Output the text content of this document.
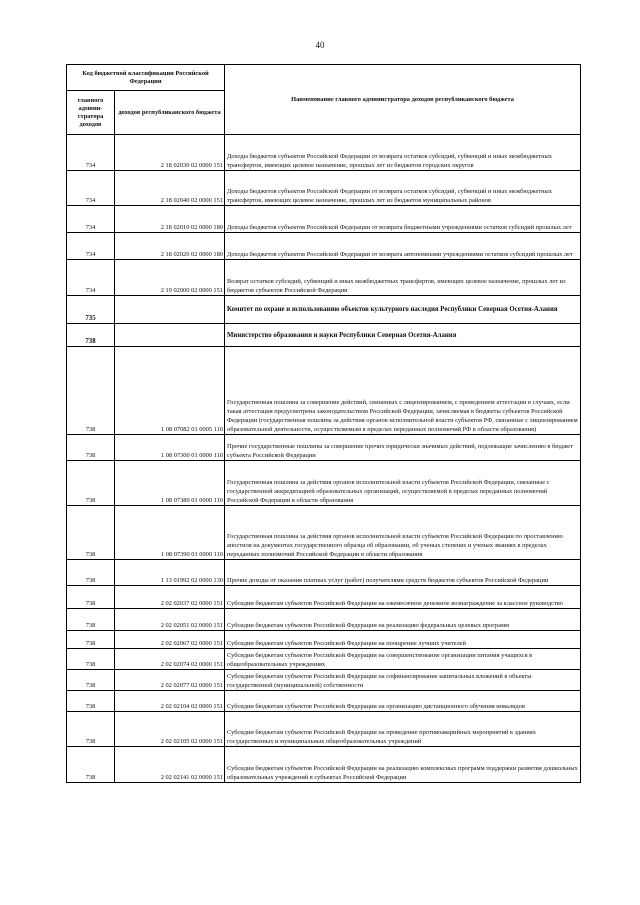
40
Код бюджетной классификации Российской Федерации		Наименование главного администратора доходов республиканского бюджета
главного админи-стратора доходов	доходов республиканского бюджета	
734	2 18 02030 02 0000 151	Доходы бюджетов субъектов Российской Федерации от возврата остатков субсидий, субвенций и иных межбюджетных трансфертов, имеющих целевое назначение, прошлых лет из бюджетов городских округов
734	2 18 02040 02 0000 151	Доходы бюджетов субъектов Российской Федерации от возврата остатков субсидий, субвенций и иных межбюджетных трансфертов, имеющих целевое назначение, прошлых лет из бюджетов муниципальных районов
734	2 18 02010 02 0000 180	Доходы бюджетов субъектов Российской Федерации от возврата бюджетными учреждениями остатков субсидий прошлых лет
734	2 18 02020 02 0000 180	Доходы бюджетов субъектов Российской Федерации от возврата автономными учреждениями остатков субсидий прошлых лет
734	2 19 02000 02 0000 151	Возврат остатков субсидий, субвенций и иных межбюджетных трансфертов, имеющих целевое назначение, прошлых лет из бюджетов субъектов Российской Федерации
735		Комитет по охране и использованию объектов культурного наследия Республики Северная Осетия-Алания
738		Министерство образования и науки Республики Северная Осетия-Алания
738	1 08 07082 01 0005 110	Государственная пошлина за совершение действий, связанных с лицензированием, с проведением аттестации в случаях, если такая аттестация предусмотрена законодательством Российской Федерации, зачисляемая в бюджеты субъектов Российской Федерации (государственная пошлина за действия органов исполнительной власти субъектов РФ, связанные с лицензированием образовательной деятельности, осуществляемым в пределах переданных полномочий РФ в области образования)
738	1 08 07300 01 0000 110	Прочие государственные пошлины за совершение прочих юридически значимых действий, подлежащие зачислению в бюджет субъекта Российской Федерации
738	1 08 07380 01 0000 110	Государственная пошлина за действия органов исполнительной власти субъектов Российской Федерации, связанные с государственной аккредитацией образовательных организаций, осуществляемой в пределах переданных полномочий Российской Федерации в области образования
738	1 08 07390 01 0000 110	Государственная пошлина за действия органов исполнительной власти субъектов Российской Федерации по проставлению апостиля на документах государственного образца об образовании, об ученых степенях и ученых званиях в пределах переданных полномочий Российской Федерации в области образования
738	1 13 01992 02 0000 130	Прочие доходы от оказания платных услуг (работ) получателями средств бюджетов субъектов Российской Федерации
738	2 02 02037 02 0000 151	Субсидии бюджетам субъектов Российской Федерации на ежемесячное денежное вознаграждение за классное руководство
738	2 02 02051 02 0000 151	Субсидии бюджетам субъектов Российской Федерации на реализацию федеральных целевых программ
738	2 02 02067 02 0000 151	Субсидии бюджетам субъектов Российской Федерации на поощрение лучших учителей
738	2 02 02074 02 0000 151	Субсидии бюджетам субъектов Российской Федерации на совершенствование организации питания учащихся в общеобразовательных учреждениях
738	2 02 02077 02 0000 151	Субсидии бюджетам субъектов Российской Федерации на софинансирование капитальных вложений в объекты государственной (муниципальной) собственности
738	2 02 02104 02 0000 151	Субсидии бюджетам субъектов Российской Федерации на организацию дистанционного обучения инвалидов
738	2 02 02105 02 0000 151	Субсидии бюджетам субъектов Российской Федерации на проведение противоаварийных мероприятий в зданиях государственных и муниципальных общеобразовательных учреждений
738	2 02 02141 02 0000 151	Субсидии бюджетам субъектов Российской Федерации на реализацию комплексных программ поддержки развития дошкольных образовательных учреждений в субъектах Российской Федерации
